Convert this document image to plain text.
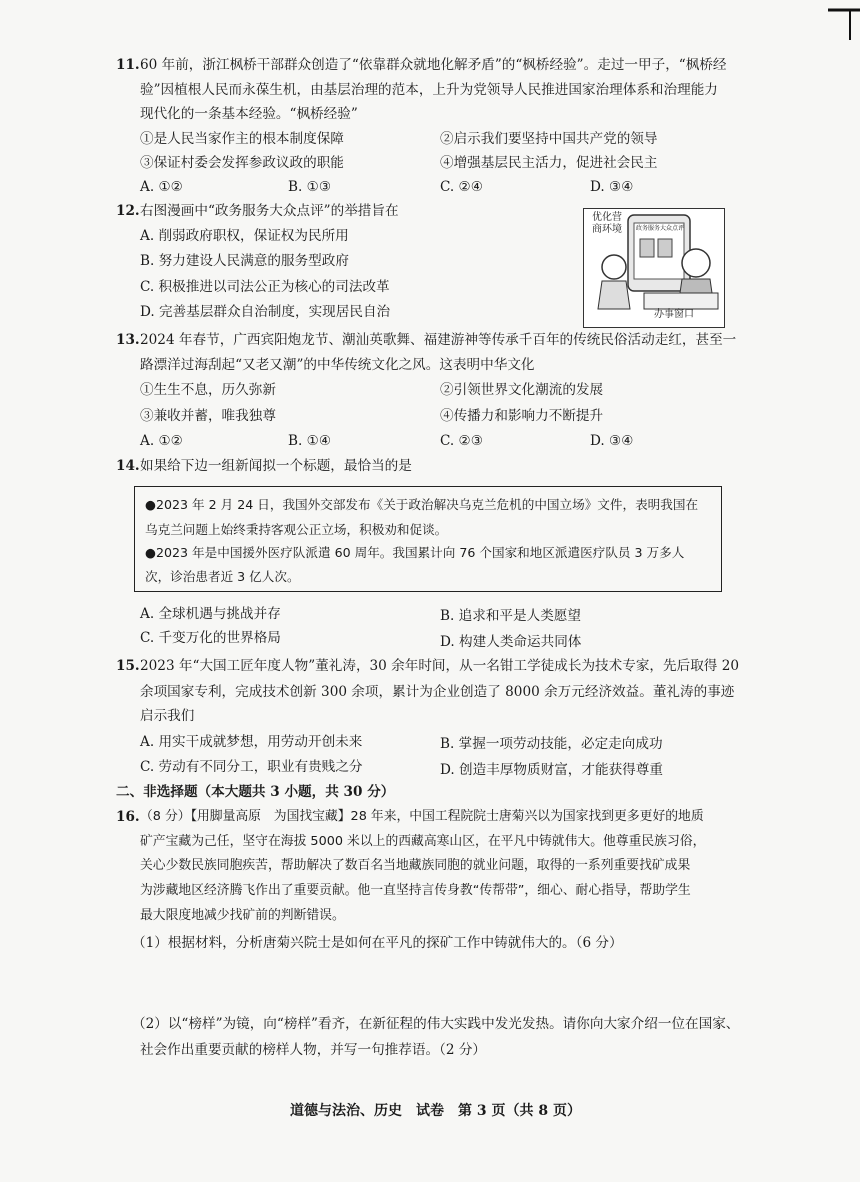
11. 60 年前，浙江枫桥干部群众创造了“依靠群众就地化解矛盾”的“枫桥经验”。走过一甲子，“枫桥经
验”因植根人民而永葆生机，由基层治理的范本，上升为党领导人民推进国家治理体系和治理能力
现代化的一条基本经验。“枫桥经验”
①是人民当家作主的根本制度保障	②启示我们要坚持中国共产党的领导
③保证村委会发挥参政议政的职能	④增强基层民主活力，促进社会民主
A. ①②	B. ①③	C. ②④	D. ③④
12. 右图漫画中“政务服务大众点评”的举措旨在
A. 削弱政府职权，保证权为民所用
B. 努力建设人民满意的服务型政府
C. 积极推进以司法公正为核心的司法改革
D. 完善基层群众自治制度，实现居民自治
优化营
商环境 政务服务大众点评
办事窗口
13. 2024 年春节，广西宾阳炮龙节、潮汕英歌舞、福建游神等传承千百年的传统民俗活动走红，甚至一
路漂洋过海刮起“又老又潮”的中华传统文化之风。这表明中华文化
①生生不息，历久弥新	②引领世界文化潮流的发展
③兼收并蓄，唯我独尊	④传播力和影响力不断提升
A. ①②	B. ①④	C. ②③	D. ③④
14. 如果给下边一组新闻拟一个标题，最恰当的是
●2023 年 2 月 24 日，我国外交部发布《关于政治解决乌克兰危机的中国立场》文件，表明我国在
乌克兰问题上始终秉持客观公正立场，积极劝和促谈。
●2023 年是中国援外医疗队派遣 60 周年。我国累计向 76 个国家和地区派遣医疗队员 3 万多人
次，诊治患者近 3 亿人次。
A. 全球机遇与挑战并存	B. 追求和平是人类愿望
C. 千变万化的世界格局	D. 构建人类命运共同体
15. 2023 年“大国工匠年度人物”董礼涛，30 余年时间，从一名钳工学徒成长为技术专家，先后取得 20
余项国家专利，完成技术创新 300 余项，累计为企业创造了 8000 余万元经济效益。董礼涛的事迹
启示我们
A. 用实干成就梦想，用劳动开创未来	B. 掌握一项劳动技能，必定走向成功
C. 劳动有不同分工，职业有贵贱之分	D. 创造丰厚物质财富，才能获得尊重
二、非选择题（本大题共 3 小题，共 30 分）
16. （8 分）【用脚量高原　为国找宝藏】28 年来，中国工程院院士唐菊兴以为国家找到更多更好的地质
矿产宝藏为己任，坚守在海拔 5000 米以上的西藏高寒山区，在平凡中铸就伟大。他尊重民族习俗，
关心少数民族同胞疾苦，帮助解决了数百名当地藏族同胞的就业问题，取得的一系列重要找矿成果
为涉藏地区经济腾飞作出了重要贡献。他一直坚持言传身教“传帮带”，细心、耐心指导，帮助学生
最大限度地减少找矿前的判断错误。
（1）根据材料，分析唐菊兴院士是如何在平凡的探矿工作中铸就伟大的。（6 分）
（2）以“榜样”为镜，向“榜样”看齐，在新征程的伟大实践中发光发热。请你向大家介绍一位在国家、
社会作出重要贡献的榜样人物，并写一句推荐语。（2 分）
道德与法治、历史　试卷　第 3 页（共 8 页）
